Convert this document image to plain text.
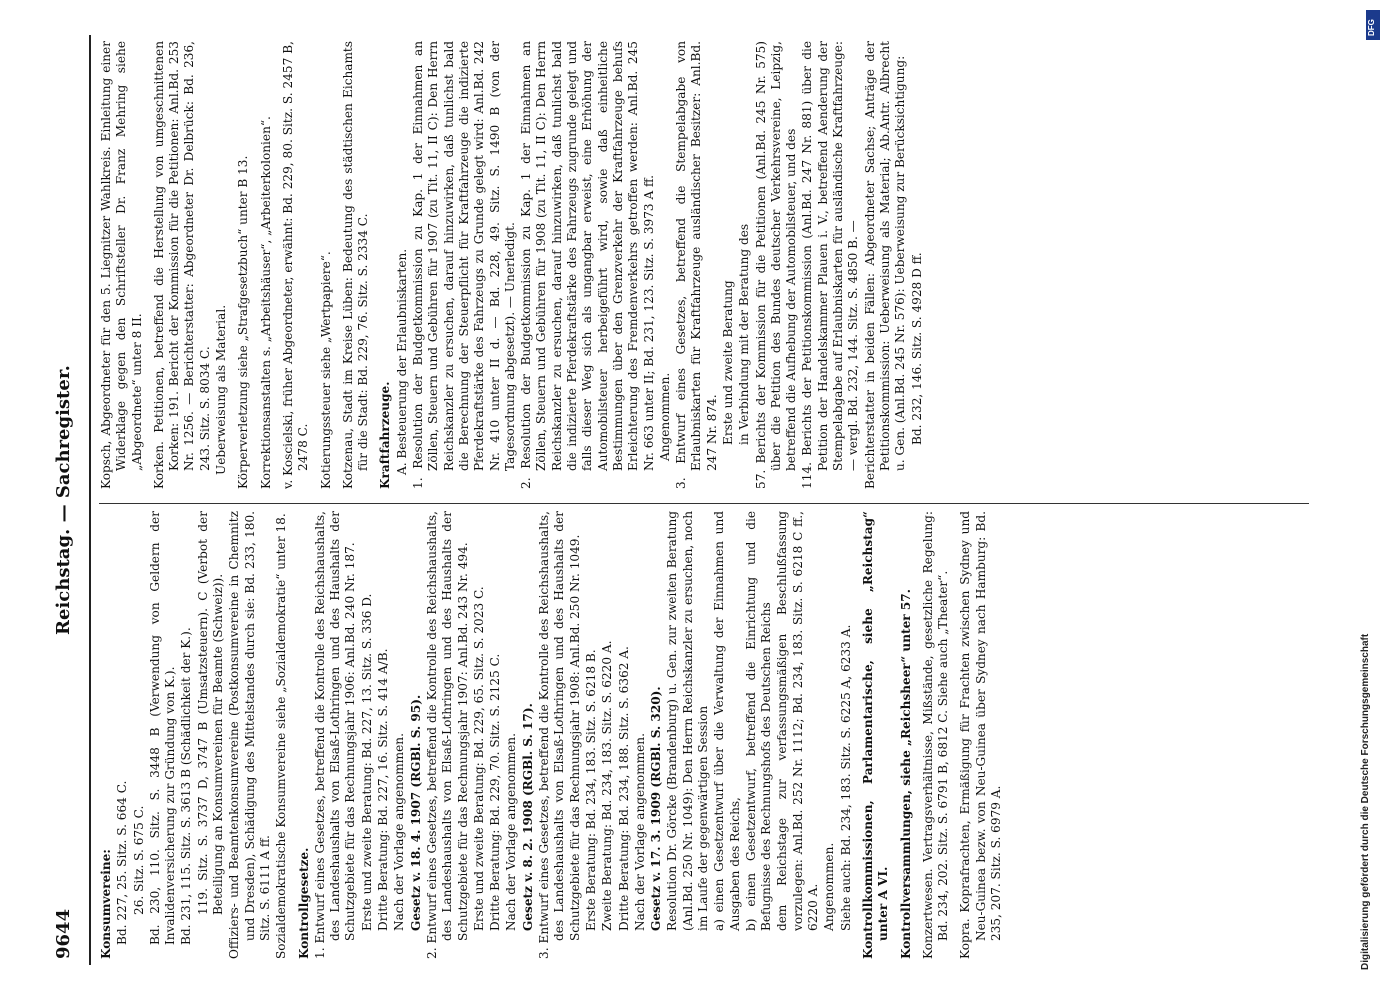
9644
Reichstag. — Sachregister.
Konsumvereine: Bd. 227, 25. Sitz. S. 664 C. 26. Sitz. S. 675 C. Bd. 230, 110. Sitz. S. 3448 B (Verwendung von Geldern der Invalidenversicherung zur Gründung von K.). Bd. 231, 115. Sitz. S. 3613 B (Schädlichkeit der K.). 119. Sitz. S. 3737 D, 3747 B (Umsatzsteuern). C (Verbot der Beteiligung an Konsumvereinen für Beamte (Schweiz)). Offiziers- und Beamtenkonsumvereine (Postkonsumvereine in Chemnitz und Dresden), Schädigung des Mittelstandes durch sie: Bd. 233, 180. Sitz. S. 6111 A ff. Sozialdemokratische Konsumvereine siehe „Sozialdemokratie“ unter 18. Kontrollgesetze. 1. Entwurf eines Gesetzes, betreffend die Kontrolle des Reichshaushalts, des Landeshaushalts von Elsaß-Lothringen und des Haushalts der Schutzgebiete für das Rechnungsjahr 1906: Anl.Bd. 240 Nr. 187. Erste und zweite Beratung: Bd. 227, 13. Sitz. S. 336 D. Dritte Beratung: Bd. 227, 16. Sitz. S. 414 A/B. Nach der Vorlage angenommen. Gesetz v. 18. 4. 1907 (RGBl. S. 95). 2. Entwurf eines Gesetzes, betreffend die Kontrolle des Reichshaushalts, des Landeshaushalts von Elsaß-Lothringen und des Haushalts der Schutzgebiete für das Rechnungsjahr 1907: Anl.Bd. 243 Nr. 494. Erste und zweite Beratung: Bd. 229, 65. Sitz. S. 2023 C. Dritte Beratung: Bd. 229, 70. Sitz. S. 2125 C. Nach der Vorlage angenommen. Gesetz v. 8. 2. 1908 (RGBl. S. 17). 3. Entwurf eines Gesetzes, betreffend die Kontrolle des Reichshaushalts, des Landeshaushalts von Elsaß-Lothringen und des Haushalts der Schutzgebiete für das Rechnungsjahr 1908: Anl.Bd. 250 Nr. 1049. Erste Beratung: Bd. 234, 183. Sitz. S. 6218 B. Zweite Beratung: Bd. 234, 183. Sitz. S. 6220 A. Dritte Beratung: Bd. 234, 188. Sitz. S. 6362 A. Nach der Vorlage angenommen. Gesetz v. 17. 3. 1909 (RGBl. S. 320). Resolution Dr. Görcke (Brandenburg) u. Gen. zur zweiten Beratung (Anl.Bd. 250 Nr. 1049): Den Herrn Reichskanzler zu ersuchen, noch im Laufe der gegenwärtigen Session a) einen Gesetzentwurf über die Verwaltung der Einnahmen und Ausgaben des Reichs, b) einen Gesetzentwurf, betreffend die Einrichtung und die Befugnisse des Rechnungshofs des Deutschen Reichs dem Reichstage zur verfassungsmäßigen Beschlußfassung vorzulegen: Anl.Bd. 252 Nr. 1112; Bd. 234, 183. Sitz. S. 6218 C ff., 6220 A. Angenommen. Siehe auch: Bd. 234, 183. Sitz. S. 6225 A, 6233 A. Kontrollkommissionen, Parlamentarische, siehe „Reichstag“ unter A VI. Kontrollversammlungen, siehe „Reichsheer“ unter 57. Konzertwesen. Vertragsverhältnisse, Mißstände, gesetzliche Regelung: Bd. 234, 202. Sitz. S. 6791 B, 6812 C. Siehe auch „Theater“. Kopra. Koprafrachten, Ermäßigung für Frachten zwischen Sydney und Neu-Guinea bezw. von Neu-Guinea über Sydney nach Hamburg: Bd. 235, 207. Sitz. S. 6979 A.
Kopsch, Abgeordneter für den 5. Liegnitzer Wahlkreis. Einleitung einer Widerklage gegen den Schriftsteller Dr. Franz Mehring siehe „Abgeordnete“ unter 8 II. Korken. Petitionen, betreffend die Herstellung von umgeschnittenen Korken: 191. Bericht der Kommission für die Petitionen: Anl.Bd. 253 Nr. 1256. — Berichterstatter: Abgeordneter Dr. Delbrück: Bd. 236, 243. Sitz. S. 8034 C. Ueberweisung als Material. Körperverletzung siehe „Strafgesetzbuch“ unter B 13. Korrektionsanstalten s. „Arbeitshäuser“, „Arbeiterkolonien“. v. Koscielski, früher Abgeordneter, erwähnt: Bd. 229, 80. Sitz. S. 2457 B, 2478 C. Kotierungssteuer siehe „Wertpapiere“. Kotzenau, Stadt im Kreise Lüben: Bedeutung des städtischen Eichamts für die Stadt: Bd. 229, 76. Sitz. S. 2334 C. Kraftfahrzeuge. A. Besteuerung der Erlaubniskarten. 1. Resolution der Budgetkommission zu Kap. 1 der Einnahmen an Zöllen, Steuern und Gebühren für 1907 (zu Tit. 11, II C): Den Herrn Reichskanzler zu ersuchen, darauf hinzuwirken, daß tunlichst bald die Berechnung der Steuerpflicht für Kraftfahrzeuge die indizierte Pferdekraftstärke des Fahrzeugs zu Grunde gelegt wird: Anl.Bd. 242 Nr. 410 unter II d. — Bd. 228, 49. Sitz. S. 1490 B (von der Tagesordnung abgesetzt). — Unerledigt. 2. Resolution der Budgetkommission zu Kap. 1 der Einnahmen an Zöllen, Steuern und Gebühren für 1908 (zu Tit. 11, II C): Den Herrn Reichskanzler zu ersuchen, darauf hinzuwirken, daß tunlichst bald die indizierte Pferdekraftstärke des Fahrzeugs zugrunde gelegt und falls dieser Weg sich als ungangbar erweist, eine Erhöhung der Automobilsteuer herbeigeführt wird, sowie daß einheitliche Bestimmungen über den Grenzverkehr der Kraftfahrzeuge behufs Erleichterung des Fremdenverkehrs getroffen werden: Anl.Bd. 245 Nr. 663 unter II; Bd. 231, 123. Sitz. S. 3973 A ff. Angenommen. 3. Entwurf eines Gesetzes, betreffend die Stempelabgabe von Erlaubniskarten für Kraftfahrzeuge ausländischer Besitzer: Anl.Bd. 247 Nr. 874. Erste und zweite Beratung in Verbindung mit der Beratung des 57. Berichts der Kommission für die Petitionen (Anl.Bd. 245 Nr. 575) über die Petition des Bundes deutscher Verkehrsvereine, Leipzig, betreffend die Aufhebung der Automobilsteuer, und des 114. Berichts der Petitionskommission (Anl.Bd. 247 Nr. 881) über die Petition der Handelskammer Plauen i. V., betreffend Aenderung der Stempelabgabe auf Erlaubniskarten für ausländische Kraftfahrzeuge: — vergl. Bd. 232, 144. Sitz. S. 4850 B. — Berichterstatter in beiden Fällen: Abgeordneter Sachse; Anträge der Petitionskommission: Ueberweisung als Material; Ab.Antr. Albrecht u. Gen. (Anl.Bd. 245 Nr. 576): Ueberweisung zur Berücksichtigung: Bd. 232, 146. Sitz. S. 4928 D ff.
Digitalisierung gefördert durch die Deutsche Forschungsgemeinschaft
DFG
